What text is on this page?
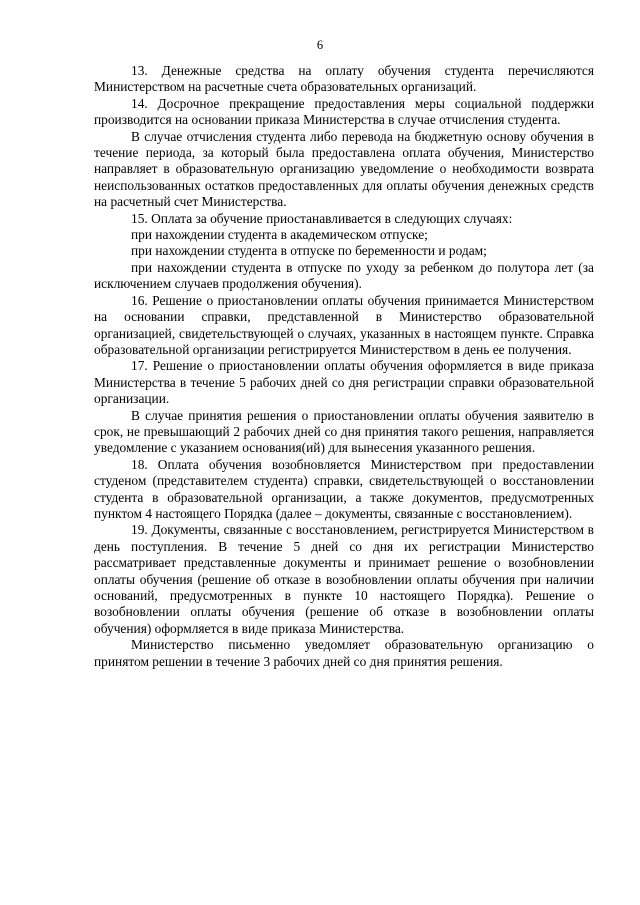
6

13. Денежные средства на оплату обучения студента перечисляются Министерством на расчетные счета образовательных организаций.

14. Досрочное прекращение предоставления меры социальной поддержки производится на основании приказа Министерства в случае отчисления студента.

В случае отчисления студента либо перевода на бюджетную основу обучения в течение периода, за который была предоставлена оплата обучения, Министерство направляет в образовательную организацию уведомление о необходимости возврата неиспользованных остатков предоставленных для оплаты обучения денежных средств на расчетный счет Министерства.

15. Оплата за обучение приостанавливается в следующих случаях:

при нахождении студента в академическом отпуске;

при нахождении студента в отпуске по беременности и родам;

при нахождении студента в отпуске по уходу за ребенком до полутора лет (за исключением случаев продолжения обучения).

16. Решение о приостановлении оплаты обучения принимается Министерством на основании справки, представленной в Министерство образовательной организацией, свидетельствующей о случаях, указанных в настоящем пункте. Справка образовательной организации регистрируется Министерством в день ее получения.

17. Решение о приостановлении оплаты обучения оформляется в виде приказа Министерства в течение 5 рабочих дней со дня регистрации справки образовательной организации.

В случае принятия решения о приостановлении оплаты обучения заявителю в срок, не превышающий 2 рабочих дней со дня принятия такого решения, направляется уведомление с указанием основания(ий) для вынесения указанного решения.

18. Оплата обучения возобновляется Министерством при предоставлении студеном (представителем студента) справки, свидетельствующей о восстановлении студента в образовательной организации, а также документов, предусмотренных пунктом 4 настоящего Порядка (далее – документы, связанные с восстановлением).

19. Документы, связанные с восстановлением, регистрируется Министерством в день поступления. В течение 5 дней со дня их регистрации Министерство рассматривает представленные документы и принимает решение о возобновлении оплаты обучения (решение об отказе в возобновлении оплаты обучения при наличии оснований, предусмотренных в пункте 10 настоящего Порядка). Решение о возобновлении оплаты обучения (решение об отказе в возобновлении оплаты обучения) оформляется в виде приказа Министерства.

Министерство письменно уведомляет образовательную организацию о принятом решении в течение 3 рабочих дней со дня принятия решения.
